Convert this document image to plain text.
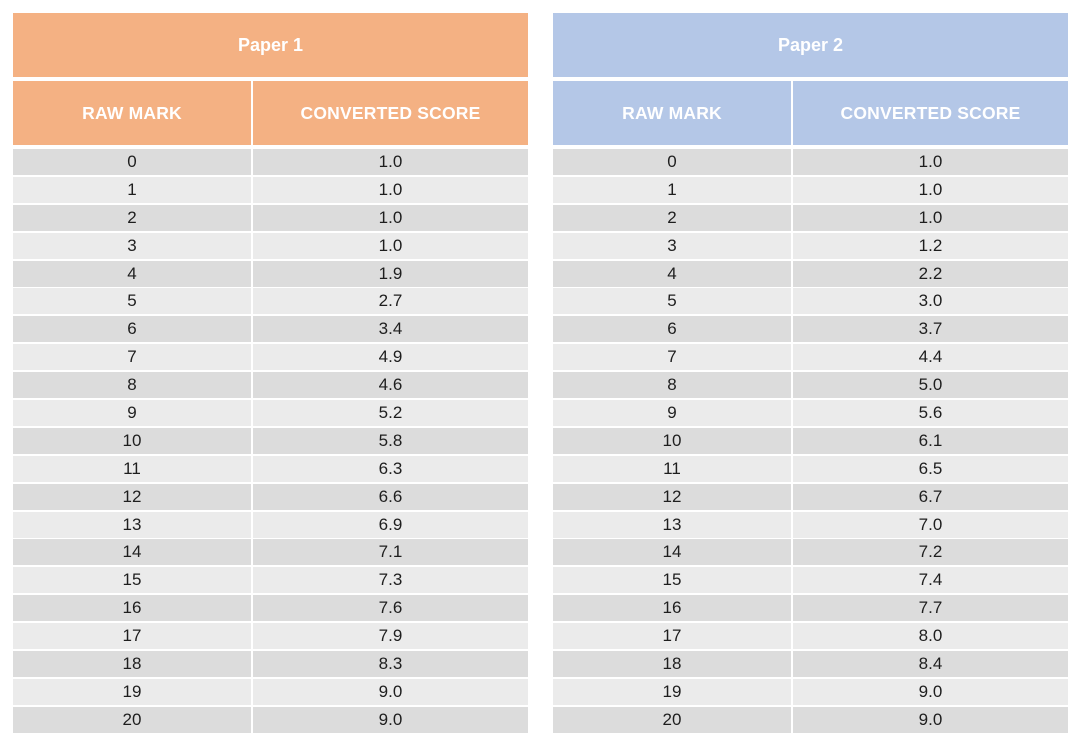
Paper 1
RAW MARK	CONVERTED SCORE
0	1.0
1	1.0
2	1.0
3	1.0
4	1.9
5	2.7
6	3.4
7	4.9
8	4.6
9	5.2
10	5.8
11	6.3
12	6.6
13	6.9
14	7.1
15	7.3
16	7.6
17	7.9
18	8.3
19	9.0
20	9.0
Paper 2
RAW MARK	CONVERTED SCORE
0	1.0
1	1.0
2	1.0
3	1.2
4	2.2
5	3.0
6	3.7
7	4.4
8	5.0
9	5.6
10	6.1
11	6.5
12	6.7
13	7.0
14	7.2
15	7.4
16	7.7
17	8.0
18	8.4
19	9.0
20	9.0
